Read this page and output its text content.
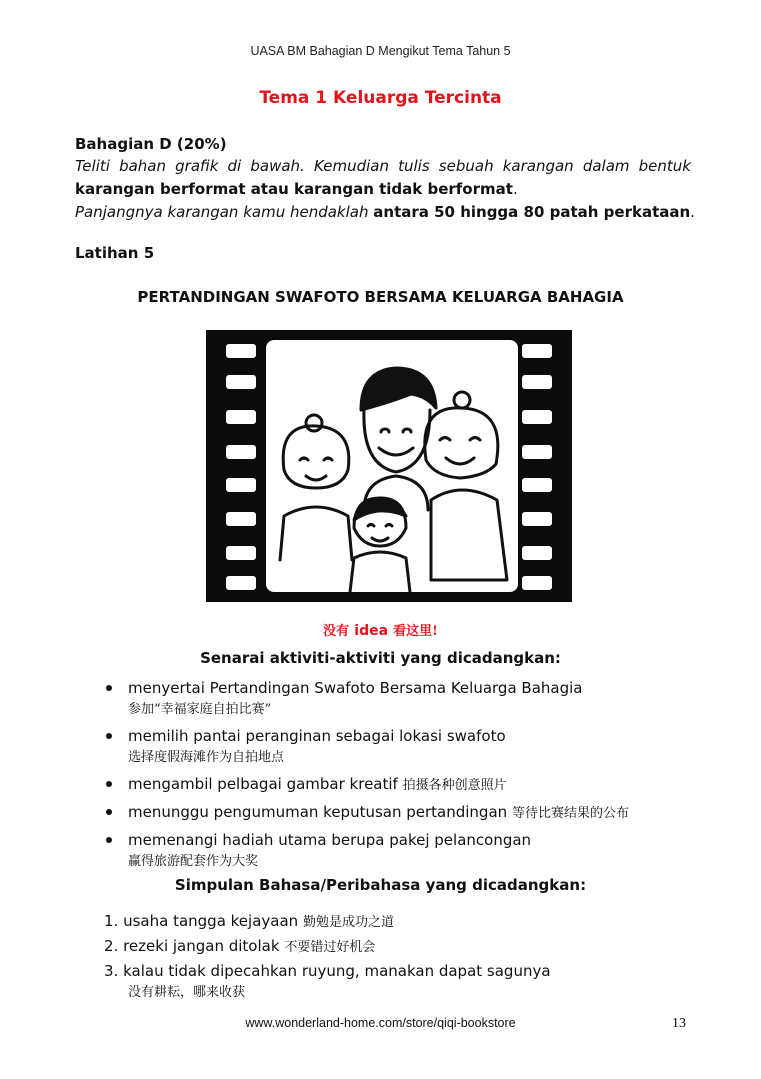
UASA BM Bahagian D Mengikut Tema Tahun 5
Tema 1 Keluarga Tercinta
Bahagian D (20%)
Teliti bahan grafik di bawah. Kemudian tulis sebuah karangan dalam bentuk
karangan berformat atau karangan tidak berformat.
Panjangnya karangan kamu hendaklah antara 50 hingga 80 patah perkataan.
Latihan 5
PERTANDINGAN SWAFOTO BERSAMA KELUARGA BAHAGIA
没有 idea 看这里!
Senarai aktiviti-aktiviti yang dicadangkan:
menyertai Pertandingan Swafoto Bersama Keluarga Bahagia
参加“幸福家庭自拍比赛”
memilih pantai peranginan sebagai lokasi swafoto
选择度假海滩作为自拍地点
mengambil pelbagai gambar kreatif 拍摄各种创意照片
menunggu pengumuman keputusan pertandingan 等待比赛结果的公布
memenangi hadiah utama berupa pakej pelancongan
赢得旅游配套作为大奖
Simpulan Bahasa/Peribahasa yang dicadangkan:
1. usaha tangga kejayaan 勤勉是成功之道
2. rezeki jangan ditolak 不要错过好机会
3. kalau tidak dipecahkan ruyung, manakan dapat sagunya
没有耕耘，哪来收获
www.wonderland-home.com/store/qiqi-bookstore	13
